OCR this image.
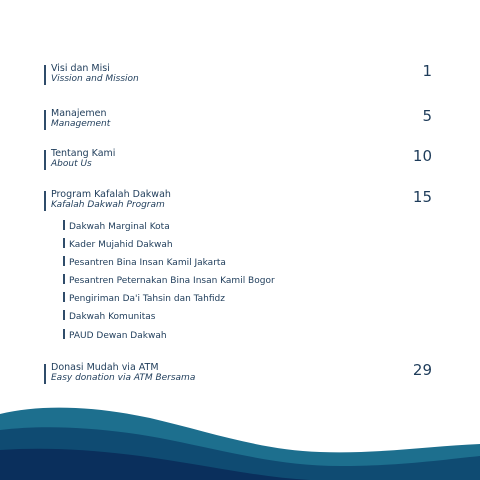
Visi dan Misi
Vission and Mission	1
Manajemen
Management	5
Tentang Kami
About Us	10
Program Kafalah Dakwah
Kafalah Dakwah Program	15
Dakwah Marginal Kota
Kader Mujahid Dakwah
Pesantren Bina Insan Kamil Jakarta
Pesantren Peternakan Bina Insan Kamil Bogor
Pengiriman Da'i Tahsin dan Tahfidz
Dakwah Komunitas
PAUD Dewan Dakwah
Donasi Mudah via ATM
Easy donation via ATM Bersama	29
